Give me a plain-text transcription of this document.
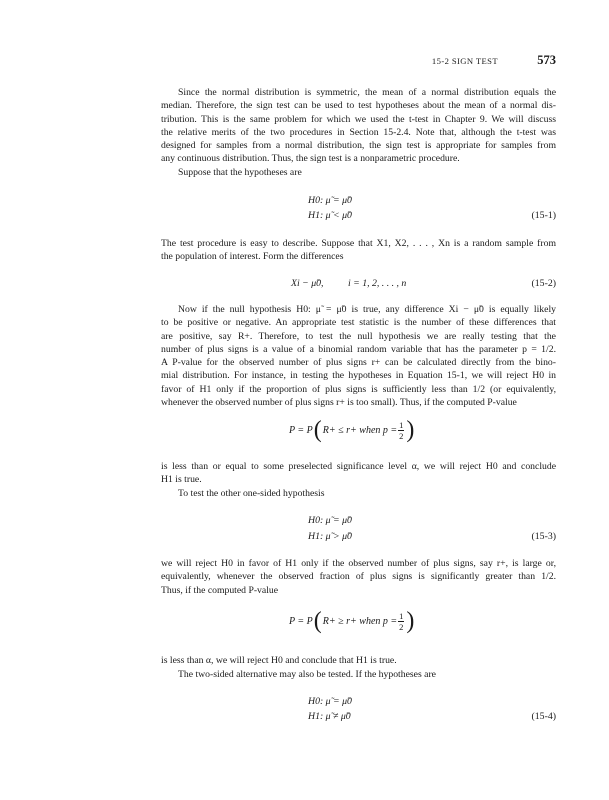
15-2 SIGN TEST	573
Since the normal distribution is symmetric, the mean of a normal distribution equals the
median. Therefore, the sign test can be used to test hypotheses about the mean of a normal dis-
tribution. This is the same problem for which we used the t-test in Chapter 9. We will discuss
the relative merits of the two procedures in Section 15-2.4. Note that, although the t-test was
designed for samples from a normal distribution, the sign test is appropriate for samples from
any continuous distribution. Thus, the sign test is a nonparametric procedure.
Suppose that the hypotheses are
H0: μ̃ = μ̃0
H1: μ̃ < μ̃0	(15-1)
The test procedure is easy to describe. Suppose that X1, X2, . . . , Xn is a random sample from
the population of interest. Form the differences
Xi − μ̃0,          i = 1, 2, . . . , n	(15-2)
Now if the null hypothesis H0: μ̃ = μ̃0 is true, any difference Xi − μ̃0 is equally likely
to be positive or negative. An appropriate test statistic is the number of these differences that
are positive, say R+. Therefore, to test the null hypothesis we are really testing that the
number of plus signs is a value of a binomial random variable that has the parameter p = 1/2.
A P-value for the observed number of plus signs r+ can be calculated directly from the bino-
mial distribution. For instance, in testing the hypotheses in Equation 15-1, we will reject H0 in
favor of H1 only if the proportion of plus signs is sufficiently less than 1/2 (or equivalently,
whenever the observed number of plus signs r+ is too small). Thus, if the computed P-value
P = P ( R+ ≤ r+ when $p = \frac{1}{2}$ )
is less than or equal to some preselected significance level α, we will reject H0 and conclude
H1 is true.
To test the other one-sided hypothesis
H0: μ̃ = μ̃0
H1: μ̃ > μ̃0	(15-3)
we will reject H0 in favor of H1 only if the observed number of plus signs, say r+, is large or,
equivalently, whenever the observed fraction of plus signs is significantly greater than 1/2.
Thus, if the computed P-value
P = P ( R+ ≥ r+ when $p = \frac{1}{2}$ )
is less than α, we will reject H0 and conclude that H1 is true.
The two-sided alternative may also be tested. If the hypotheses are
H0: μ̃ = μ̃0
H1: μ̃ ≠ μ̃0	(15-4)
